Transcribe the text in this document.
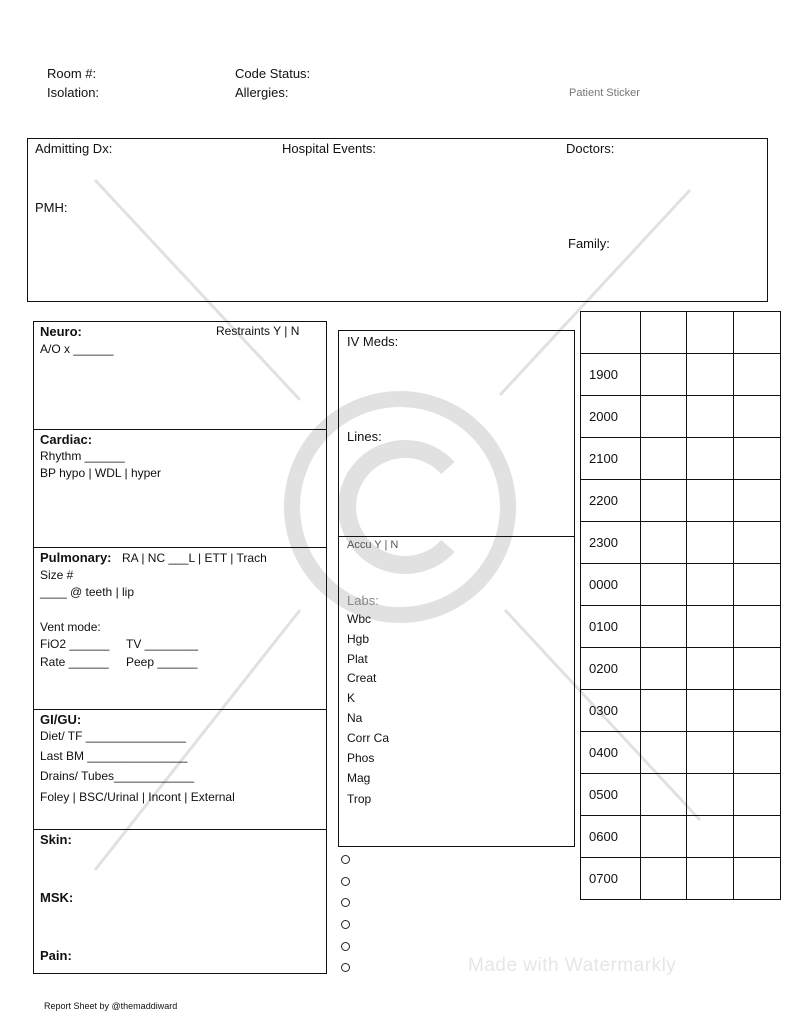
Made with Watermarkly
Room #:
Isolation:
Code Status:
Allergies:	Patient Sticker
Admitting Dx:	Hospital Events:	Doctors:
PMH:
Family:
Neuro:	Restraints Y | N
A/O x ______
Cardiac:
Rhythm ______
BP hypo | WDL | hyper
Pulmonary: RA | NC ___L | ETT | Trach
Size #
____ @ teeth | lip
Vent mode:
FiO2 ______ TV ________
Rate ______ Peep ______
GI/GU:
Diet/ TF _______________
Last BM _______________
Drains/ Tubes____________
Foley | BSC/Urinal | Incont | External
Skin:
MSK:
Pain:
IV Meds:
Lines:
Accu Y | N
Labs:
Wbc
Hgb
Plat
Creat
K
Na
Corr Ca
Phos
Mag
Trop

1900			
2000			
2100			
2200			
2300			
0000			
0100			
0200			
0300			
0400			
0500			
0600			
0700			
Report Sheet by @themaddiward
